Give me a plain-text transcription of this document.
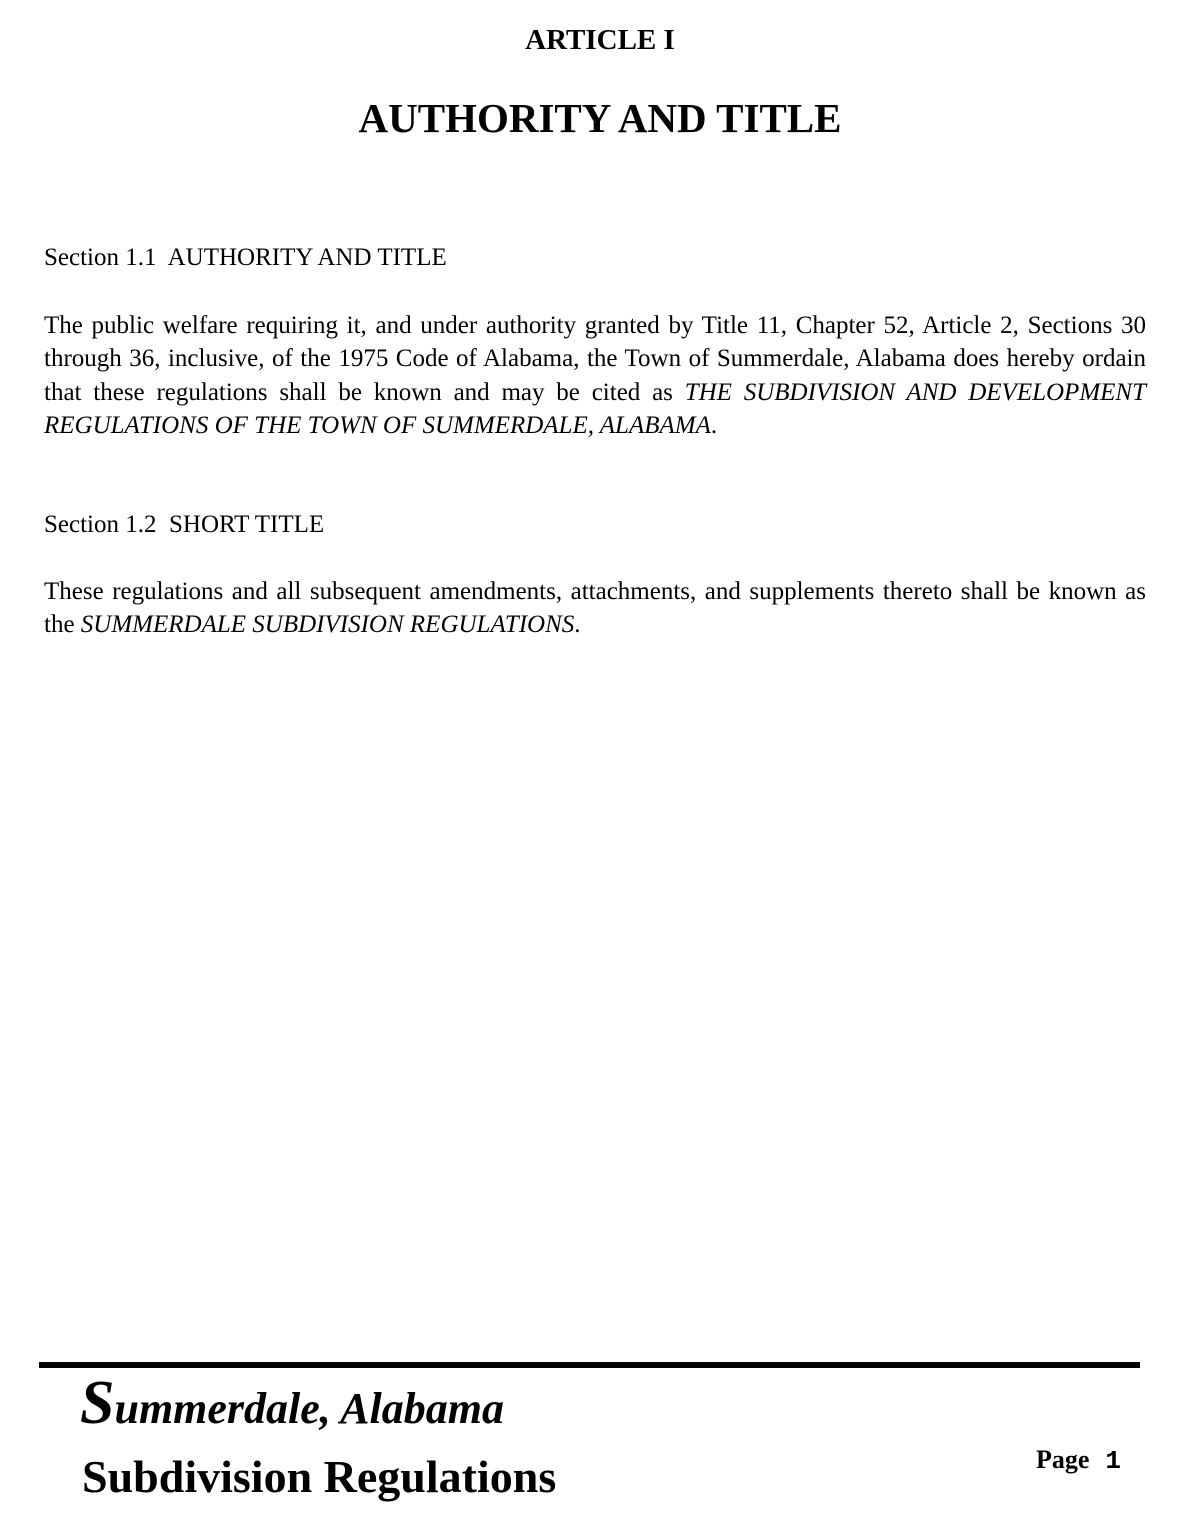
ARTICLE I
AUTHORITY AND TITLE
Section 1.1  AUTHORITY AND TITLE
The public welfare requiring it, and under authority granted by Title 11, Chapter 52, Article 2, Sections 30 through 36, inclusive, of the 1975 Code of Alabama, the Town of Summerdale, Alabama does hereby ordain that these regulations shall be known and may be cited as THE SUBDIVISION AND DEVELOPMENT REGULATIONS OF THE TOWN OF SUMMERDALE, ALABAMA.
Section 1.2  SHORT TITLE
These regulations and all subsequent amendments, attachments, and supplements thereto shall be known as the SUMMERDALE SUBDIVISION REGULATIONS.
Summerdale, Alabama
Subdivision Regulations	Page 1
